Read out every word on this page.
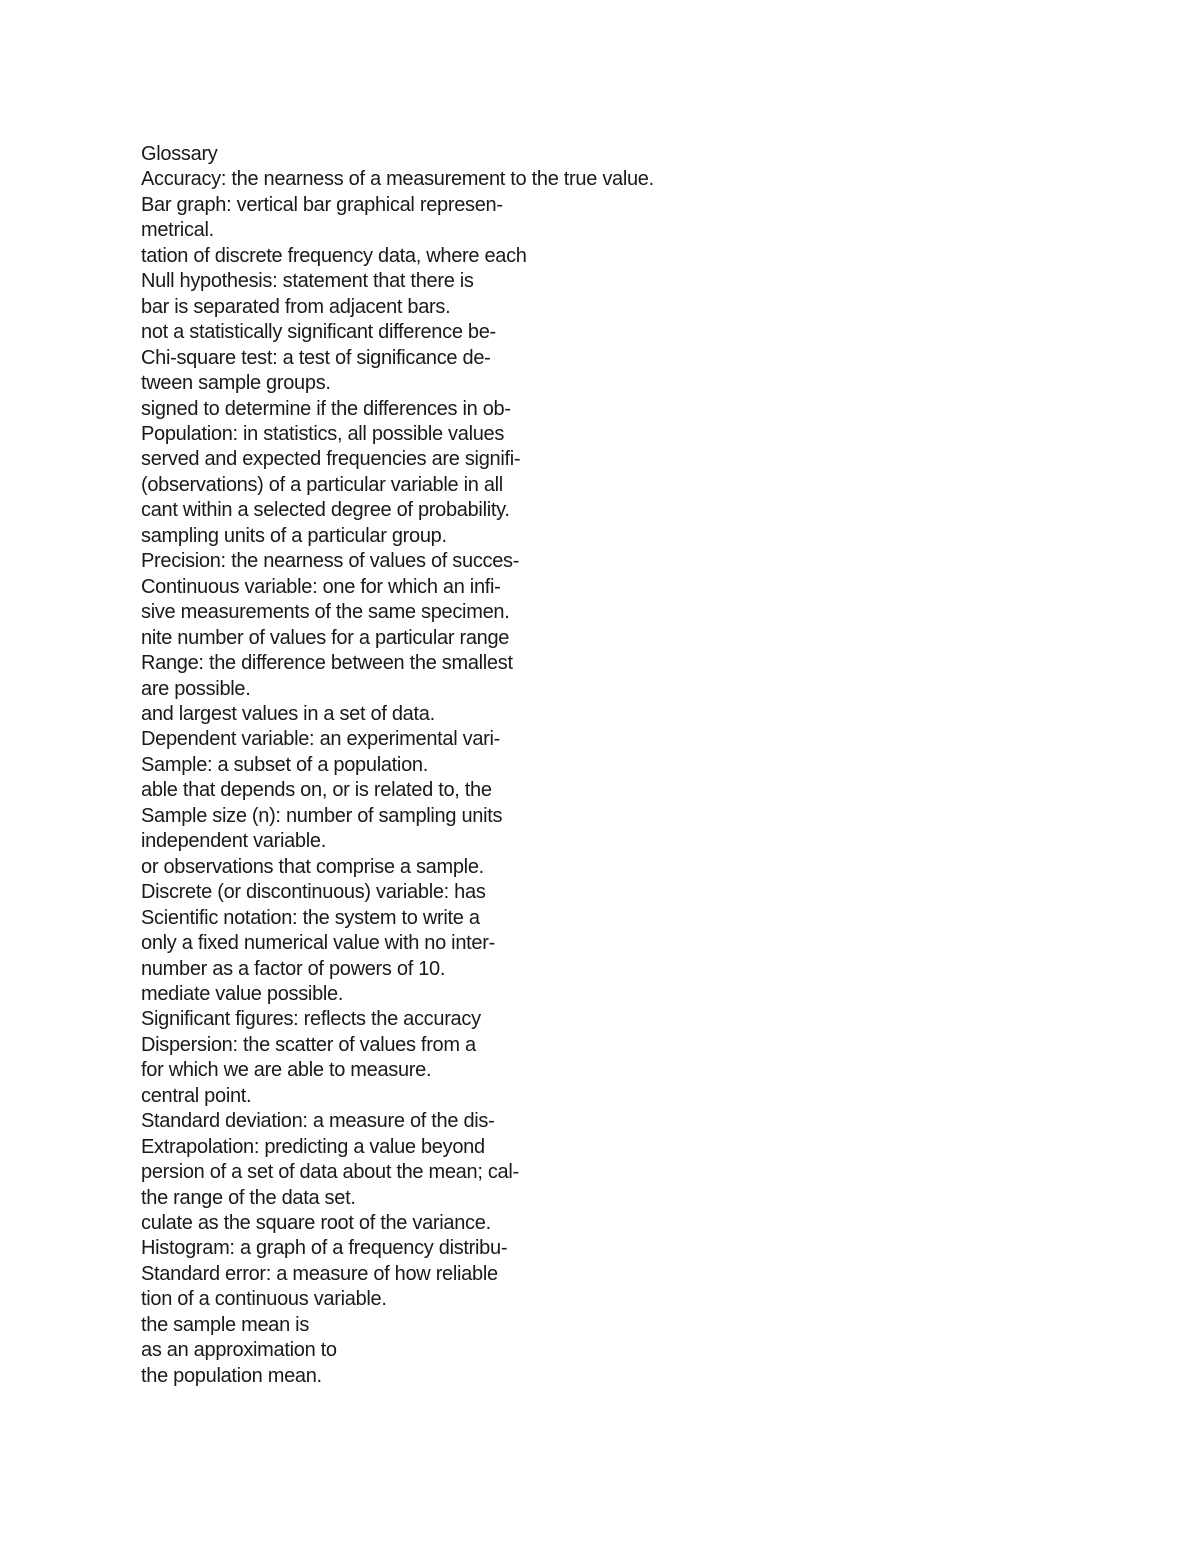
Glossary

Accuracy: the nearness of a measurement to the true value.

Bar graph: vertical bar graphical represen-

metrical.

tation of discrete frequency data, where each

Null hypothesis: statement that there is

bar is separated from adjacent bars.

not a statistically significant difference be-

Chi-square test: a test of significance de-

tween sample groups.

signed to determine if the differences in ob-

Population: in statistics, all possible values

served and expected frequencies are signifi-

(observations) of a particular variable in all

cant within a selected degree of probability.

sampling units of a particular group.

Precision: the nearness of values of succes-

Continuous variable: one for which an infi-

sive measurements of the same specimen.

nite number of values for a particular range

Range: the difference between the smallest

are possible.

and largest values in a set of data.

Dependent variable: an experimental vari-

Sample: a subset of a population.

able that depends on, or is related to, the

Sample size (n): number of sampling units

independent variable.

or observations that comprise a sample.

Discrete (or discontinuous) variable: has

Scientific notation: the system to write a

only a fixed numerical value with no inter-

number as a factor of powers of 10.

mediate value possible.

Significant figures: reflects the accuracy

Dispersion: the scatter of values from a

for which we are able to measure.

central point.

Standard deviation: a measure of the dis-

Extrapolation: predicting a value beyond

persion of a set of data about the mean; cal-

the range of the data set.

culate as the square root of the variance.

Histogram: a graph of a frequency distribu-

Standard error: a measure of how reliable

tion of a continuous variable.

the sample mean is

as an approximation to

the population mean.
